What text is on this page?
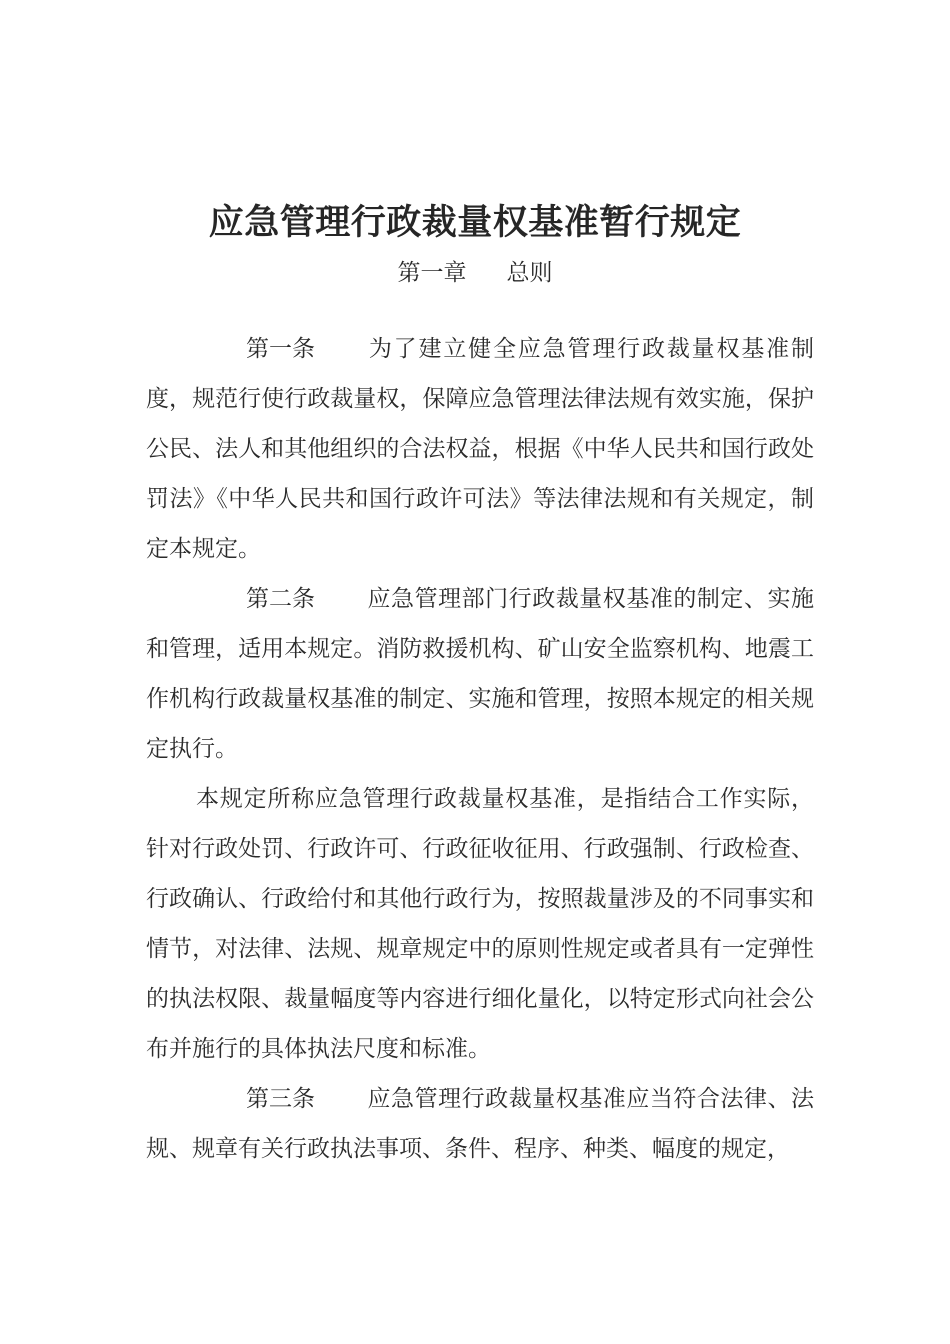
应急管理行政裁量权基准暂行规定
第一章 总则

第一条 为了建立健全应急管理行政裁量权基准制度，规范行使行政裁量权，保障应急管理法律法规有效实施，保护公民、法人和其他组织的合法权益，根据《中华人民共和国行政处罚法》《中华人民共和国行政许可法》等法律法规和有关规定，制定本规定。

第二条 应急管理部门行政裁量权基准的制定、实施和管理，适用本规定。消防救援机构、矿山安全监察机构、地震工作机构行政裁量权基准的制定、实施和管理，按照本规定的相关规定执行。

本规定所称应急管理行政裁量权基准，是指结合工作实际，针对行政处罚、行政许可、行政征收征用、行政强制、行政检查、行政确认、行政给付和其他行政行为，按照裁量涉及的不同事实和情节，对法律、法规、规章规定中的原则性规定或者具有一定弹性的执法权限、裁量幅度等内容进行细化量化，以特定形式向社会公布并施行的具体执法尺度和标准。

第三条 应急管理行政裁量权基准应当符合法律、法规、规章有关行政执法事项、条件、程序、种类、幅度的规定，
